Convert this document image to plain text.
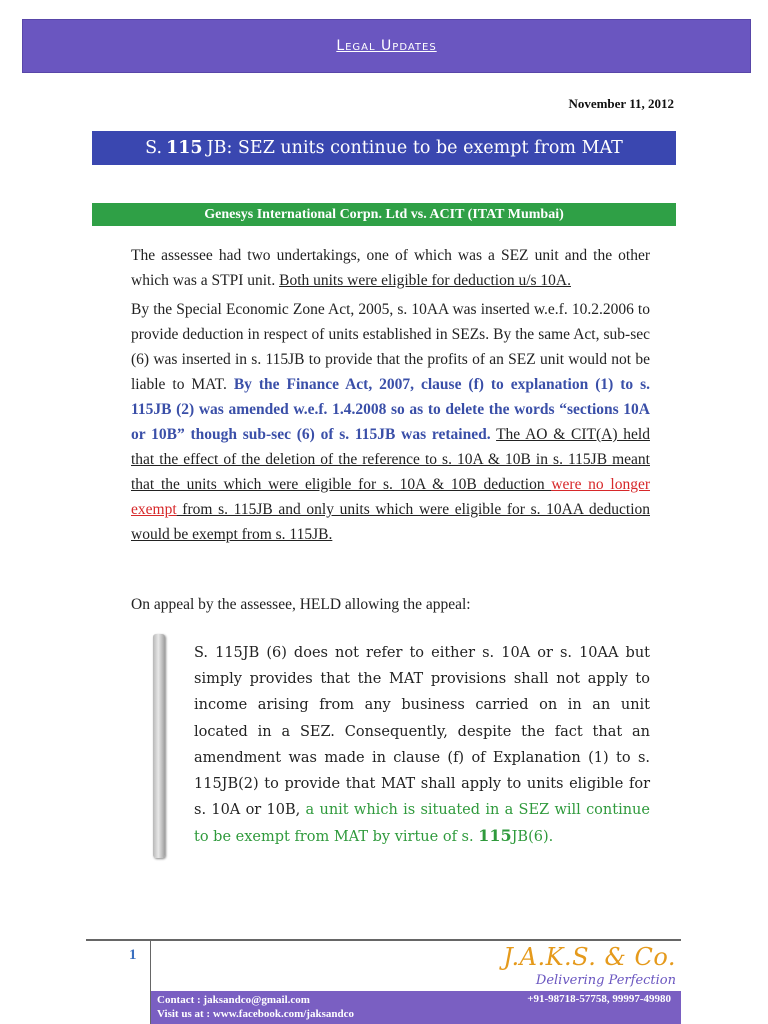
Legal Updates
November 11, 2012
S. 115 JB: SEZ units continue to be exempt from MAT
Genesys International Corpn. Ltd vs. ACIT (ITAT Mumbai)

The assessee had two undertakings, one of which was a SEZ unit and the other which was a STPI unit. Both units were eligible for deduction u/s 10A.

By the Special Economic Zone Act, 2005, s. 10AA was inserted w.e.f. 10.2.2006 to provide deduction in respect of units established in SEZs. By the same Act, sub-sec (6) was inserted in s. 115JB to provide that the profits of an SEZ unit would not be liable to MAT. By the Finance Act, 2007, clause (f) to explanation (1) to s. 115JB (2) was amended w.e.f. 1.4.2008 so as to delete the words “sections 10A or 10B” though sub-sec (6) of s. 115JB was retained. The AO & CIT(A) held that the effect of the deletion of the reference to s. 10A & 10B in s. 115JB meant that the units which were eligible for s. 10A & 10B deduction were no longer exempt from s. 115JB and only units which were eligible for s. 10AA deduction would be exempt from s. 115JB.

On appeal by the assessee, HELD allowing the appeal:

S. 115JB (6) does not refer to either s. 10A or s. 10AA but simply provides that the MAT provisions shall not apply to income arising from any business carried on in an unit located in a SEZ. Consequently, despite the fact that an amendment was made in clause (f) of Explanation (1) to s. 115JB(2) to provide that MAT shall apply to units eligible for s. 10A or 10B, a unit which is situated in a SEZ will continue to be exempt from MAT by virtue of s. 115JB(6).

1	J.A.K.S. & Co.
Delivering Perfection
Contact : jaksandco@gmail.com
Visit us at : www.facebook.com/jaksandco
+91-98718-57758, 99997-49980
